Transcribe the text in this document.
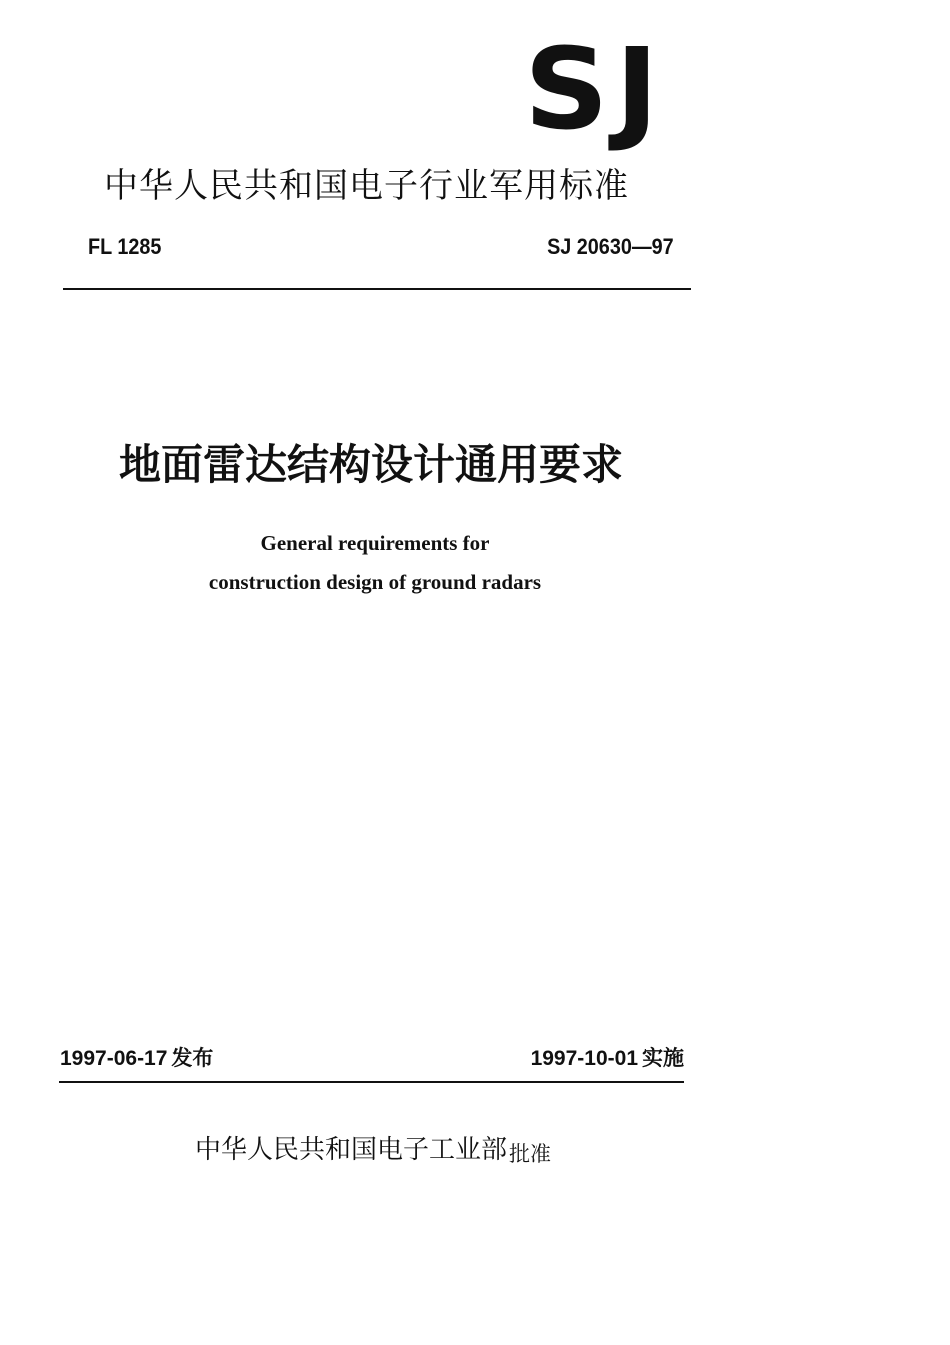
SJ
中华人民共和国电子行业军用标准
FL 1285	SJ 20630—97
地面雷达结构设计通用要求
General requirements for
construction design of ground radars
1997-06-17 发布	1997-10-01 实施
中华人民共和国电子工业部 批准
